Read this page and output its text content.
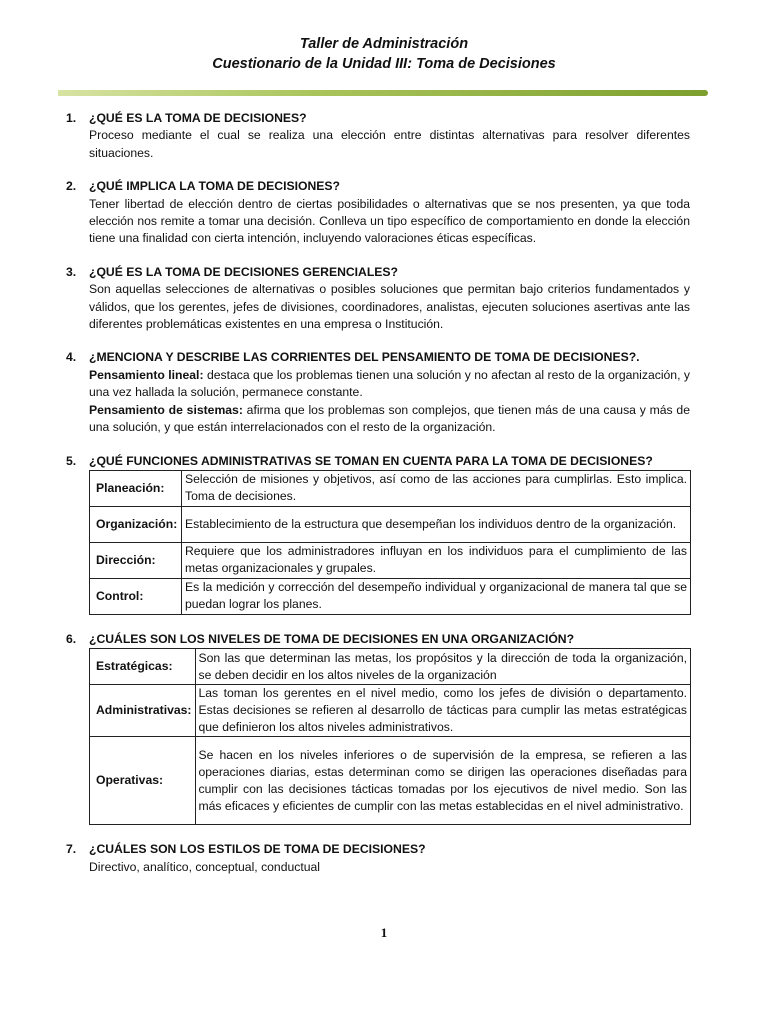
Taller de Administración
Cuestionario de la Unidad III: Toma de Decisiones
1. ¿QUÉ ES LA TOMA DE DECISIONES?
Proceso mediante el cual se realiza una elección entre distintas alternativas para resolver diferentes situaciones.
2. ¿QUÉ IMPLICA LA TOMA DE DECISIONES?
Tener libertad de elección dentro de ciertas posibilidades o alternativas que se nos presenten, ya que toda elección nos remite a tomar una decisión. Conlleva un tipo específico de comportamiento en donde la elección tiene una finalidad con cierta intención, incluyendo valoraciones éticas específicas.
3. ¿QUÉ ES LA TOMA DE DECISIONES GERENCIALES?
Son aquellas selecciones de alternativas o posibles soluciones que permitan bajo criterios fundamentados y válidos, que los gerentes, jefes de divisiones, coordinadores, analistas, ejecuten soluciones asertivas ante las diferentes problemáticas existentes en una empresa o Institución.
4. ¿MENCIONA Y DESCRIBE LAS CORRIENTES DEL PENSAMIENTO DE TOMA DE DECISIONES?.
Pensamiento lineal: destaca que los problemas tienen una solución y no afectan al resto de la organización, y una vez hallada la solución, permanece constante.
Pensamiento de sistemas: afirma que los problemas son complejos, que tienen más de una causa y más de una solución, y que están interrelacionados con el resto de la organización.
5. ¿QUÉ FUNCIONES ADMINISTRATIVAS SE TOMAN EN CUENTA PARA LA TOMA DE DECISIONES?
Planeación:	Selección de misiones y objetivos, así como de las acciones para cumplirlas. Esto implica. Toma de decisiones.
Organización:	Establecimiento de la estructura que desempeñan los individuos dentro de la organización.
Dirección:	Requiere que los administradores influyan en los individuos para el cumplimiento de las metas organizacionales y grupales.
Control:	Es la medición y corrección del desempeño individual y organizacional de manera tal que se puedan lograr los planes.
6. ¿CUÁLES SON LOS NIVELES DE TOMA DE DECISIONES EN UNA ORGANIZACIÓN?
Estratégicas:	Son las que determinan las metas, los propósitos y la dirección de toda la organización, se deben decidir en los altos niveles de la organización
Administrativas:	Las toman los gerentes en el nivel medio, como los jefes de división o departamento. Estas decisiones se refieren al desarrollo de tácticas para cumplir las metas estratégicas que definieron los altos niveles administrativos.
Operativas:	Se hacen en los niveles inferiores o de supervisión de la empresa, se refieren a las operaciones diarias, estas determinan como se dirigen las operaciones diseñadas para cumplir con las decisiones tácticas tomadas por los ejecutivos de nivel medio. Son las más eficaces y eficientes de cumplir con las metas establecidas en el nivel administrativo.
7. ¿CUÁLES SON LOS ESTILOS DE TOMA DE DECISIONES?
Directivo, analítico, conceptual, conductual
1
